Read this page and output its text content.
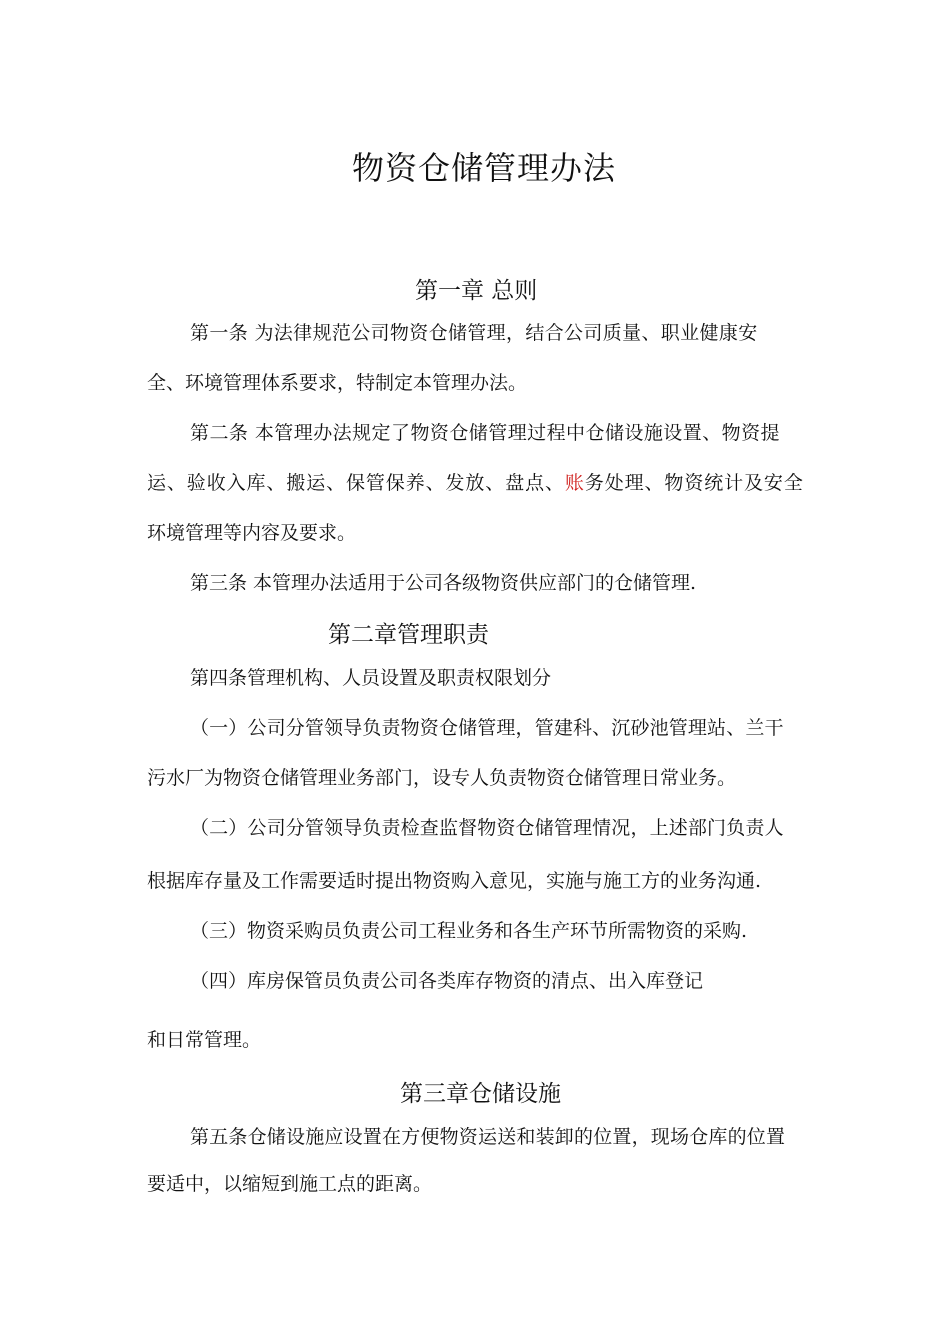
物资仓储管理办法
第一章 总则
第一条 为法律规范公司物资仓储管理，结合公司质量、职业健康安
全、环境管理体系要求，特制定本管理办法。
第二条 本管理办法规定了物资仓储管理过程中仓储设施设置、物资提
运、验收入库、搬运、保管保养、发放、盘点、账务处理、物资统计及安全
环境管理等内容及要求。
第三条 本管理办法适用于公司各级物资供应部门的仓储管理.
第二章管理职责
第四条管理机构、人员设置及职责权限划分
（一）公司分管领导负责物资仓储管理，管建科、沉砂池管理站、兰干
污水厂为物资仓储管理业务部门，设专人负责物资仓储管理日常业务。
（二）公司分管领导负责检查监督物资仓储管理情况，上述部门负责人
根据库存量及工作需要适时提出物资购入意见，实施与施工方的业务沟通.
（三）物资采购员负责公司工程业务和各生产环节所需物资的采购.
（四）库房保管员负责公司各类库存物资的清点、出入库登记
和日常管理。
第三章仓储设施
第五条仓储设施应设置在方便物资运送和装卸的位置，现场仓库的位置
要适中，以缩短到施工点的距离。
